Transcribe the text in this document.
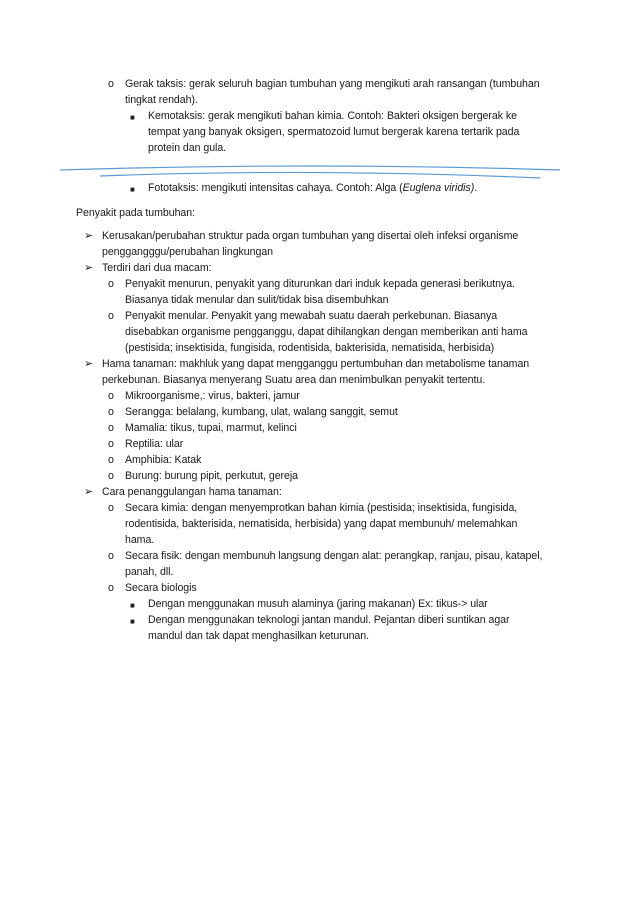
o Gerak taksis: gerak seluruh bagian tumbuhan yang mengikuti arah ransangan (tumbuhan
tingkat rendah).
■ Kemotaksis: gerak mengikuti bahan kimia. Contoh: Bakteri oksigen bergerak ke
tempat yang banyak oksigen, spermatozoid lumut bergerak karena tertarik pada
protein dan gula.
■ Fototaksis: mengikuti intensitas cahaya. Contoh: Alga (Euglena viridis).
Penyakit pada tumbuhan:
➢ Kerusakan/perubahan struktur pada organ tumbuhan yang disertai oleh infeksi organisme
penggangggu/perubahan lingkungan
➢ Terdiri dari dua macam:
o Penyakit menurun, penyakit yang diturunkan dari induk kepada generasi berikutnya.
Biasanya tidak menular dan sulit/tidak bisa disembuhkan
o Penyakit menular. Penyakit yang mewabah suatu daerah perkebunan. Biasanya
disebabkan organisme pengganggu, dapat dihilangkan dengan memberikan anti hama
(pestisida; insektisida, fungisida, rodentisida, bakterisida, nematisida, herbisida)
➢ Hama tanaman: makhluk yang dapat mengganggu pertumbuhan dan metabolisme tanaman
perkebunan. Biasanya menyerang Suatu area dan menimbulkan penyakit tertentu.
o Mikroorganisme,: virus, bakteri, jamur
o Serangga: belalang, kumbang, ulat, walang sanggit, semut
o Mamalia: tikus, tupai, marmut, kelinci
o Reptilia: ular
o Amphibia: Katak
o Burung: burung pipit, perkutut, gereja
➢ Cara penanggulangan hama tanaman:
o Secara kimia: dengan menyemprotkan bahan kimia (pestisida; insektisida, fungisida,
rodentisida, bakterisida, nematisida, herbisida) yang dapat membunuh/ melemahkan
hama.
o Secara fisik: dengan membunuh langsung dengan alat: perangkap, ranjau, pisau, katapel,
panah, dll.
o Secara biologis
■ Dengan menggunakan musuh alaminya (jaring makanan) Ex: tikus-> ular
■ Dengan menggunakan teknologi jantan mandul. Pejantan diberi suntikan agar
mandul dan tak dapat menghasilkan keturunan.
